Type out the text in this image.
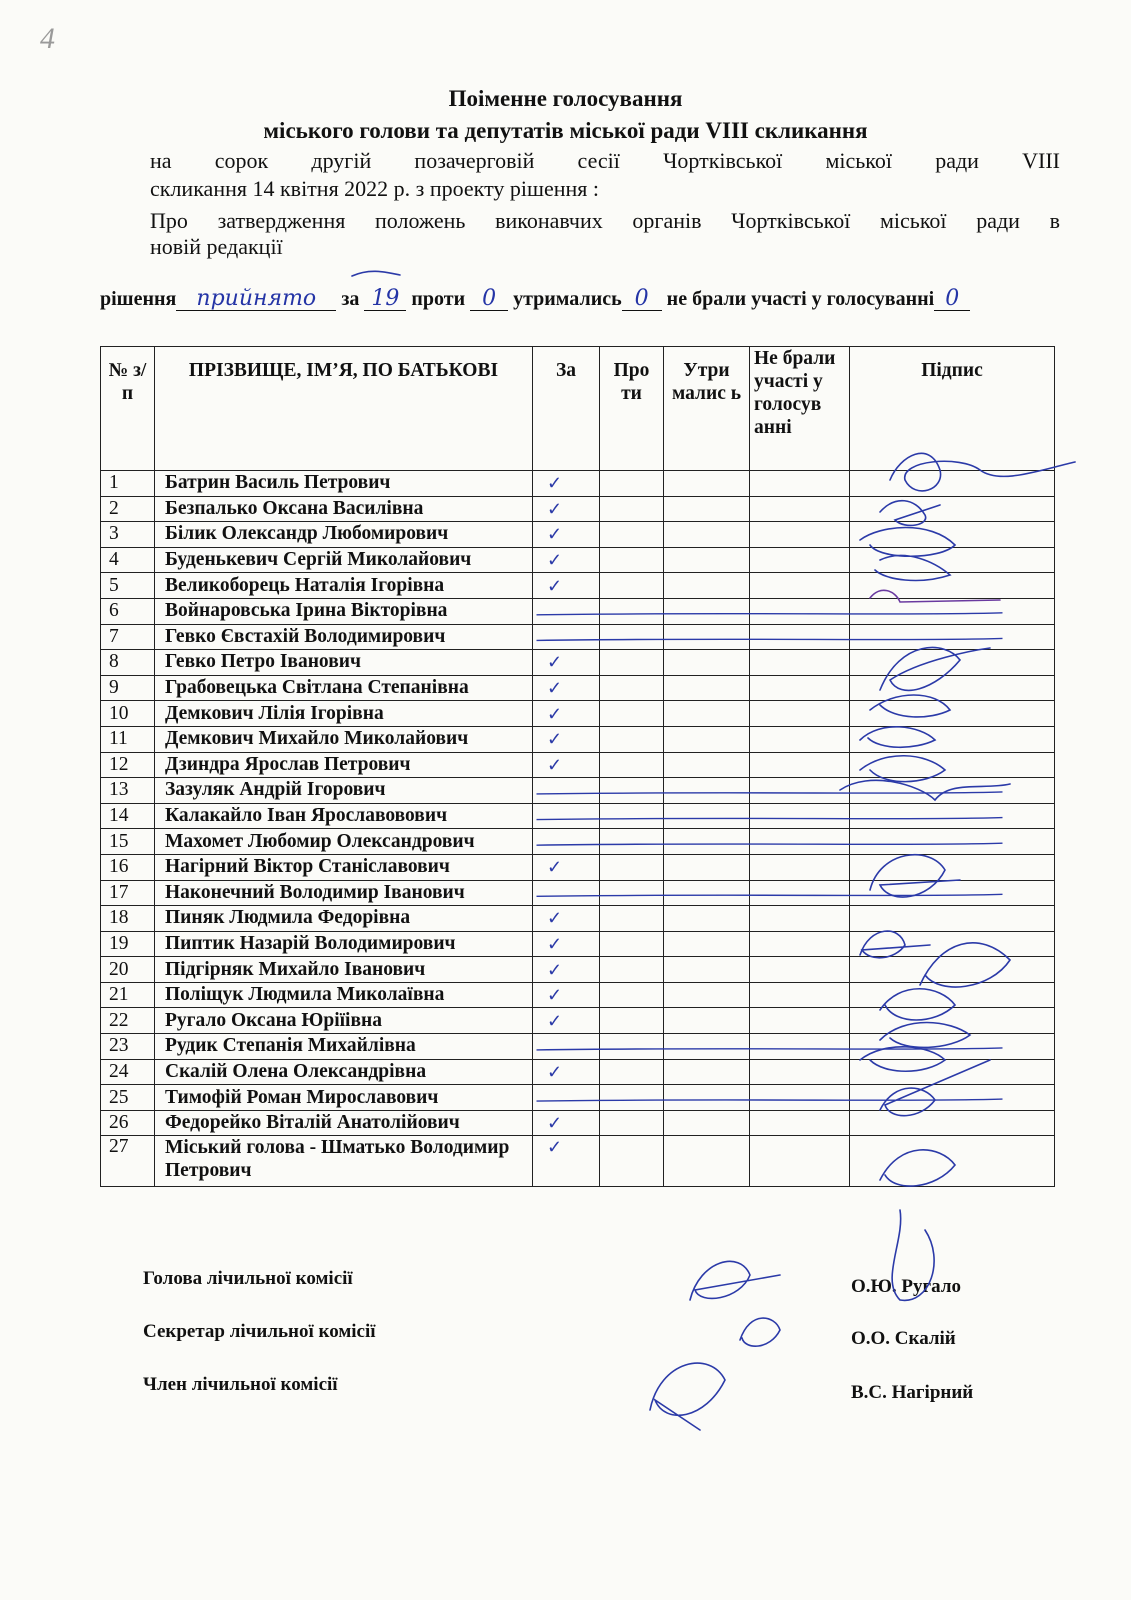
4
Поіменне голосування
міського голови та депутатів міської ради VIII скликання
на сорок другій позачерговій сесії Чортківської міської ради VIII
скликання 14 квітня 2022 р. з проекту рішення :
Про затвердження положень виконавчих органів Чортківської міської ради в
новій редакції
рішення прийнято за 19 проти 0 утримались 0 не брали участі у голосуванні 0
№ з/п	ПРІЗВИЩЕ, ІМ’Я, ПО БАТЬКОВІ	За	Про ти	Утри малис ь	Не брали участі у голосув анні	Підпис
1	Батрин Василь Петрович	✓				
2	Безпалько Оксана Василівна	✓				
3	Білик Олександр Любомирович	✓				
4	Буденькевич Сергій Миколайович	✓				
5	Великоборець Наталія Ігорівна	✓				
6	Войнаровська Ірина Вікторівна					
7	Гевко Євстахій Володимирович					
8	Гевко Петро Іванович	✓				
9	Грабовецька Світлана Степанівна	✓				
10	Демкович Лілія Ігорівна	✓				
11	Демкович Михайло Миколайович	✓				
12	Дзиндра Ярослав Петрович	✓				
13	Зазуляк Андрій Ігорович					
14	Калакайло Іван Ярославовович					
15	Махомет Любомир Олександрович					
16	Нагірний Віктор Станіславович	✓				
17	Наконечний Володимир Іванович					
18	Пиняк Людмила Федорівна	✓				
19	Пиптик Назарій Володимирович	✓				
20	Підгірняк Михайло Іванович	✓				
21	Поліщук Людмила Миколаївна	✓				
22	Ругало Оксана Юріїівна	✓				
23	Рудик Степанія Михайлівна					
24	Скалій Олена Олександрівна	✓				
25	Тимофій Роман Мирославович					
26	Федорейко Віталій Анатолійович	✓				
27	Міський голова - Шматько Володимир Петрович	✓				
Голова лічильної комісії
Секретар лічильної комісії
Член лічильної комісії
О.Ю. Ругало
О.О. Скалій
В.С. Нагірний
